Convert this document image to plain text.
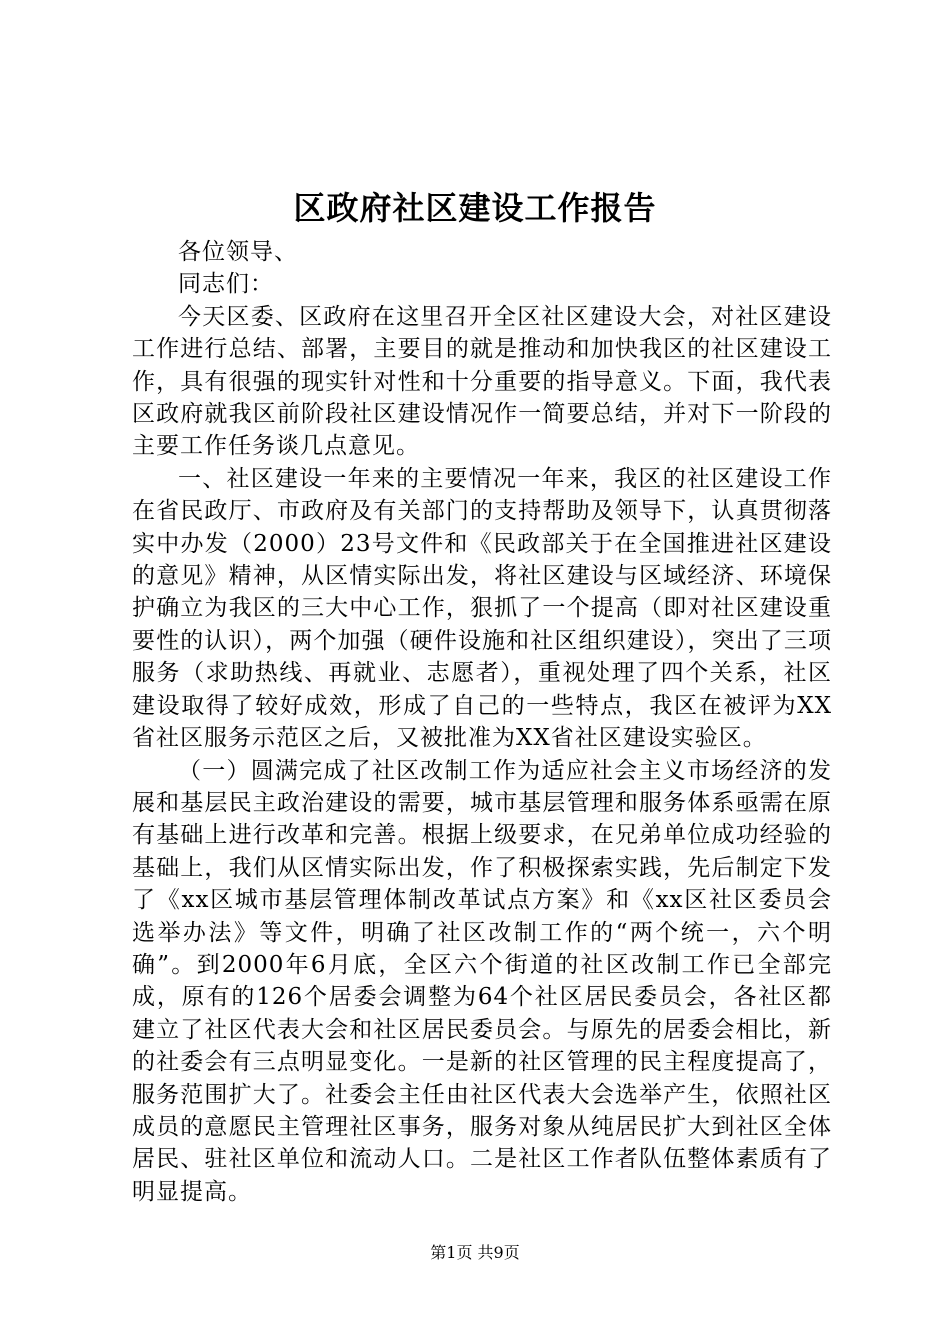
区政府社区建设工作报告

各位领导、

同志们：

今天区委、区政府在这里召开全区社区建设大会，对社区建设工作进行总结、部署，主要目的就是推动和加快我区的社区建设工作，具有很强的现实针对性和十分重要的指导意义。下面，我代表区政府就我区前阶段社区建设情况作一简要总结，并对下一阶段的主要工作任务谈几点意见。

一、社区建设一年来的主要情况一年来，我区的社区建设工作在省民政厅、市政府及有关部门的支持帮助及领导下，认真贯彻落实中办发（2000）23号文件和《民政部关于在全国推进社区建设的意见》精神，从区情实际出发，将社区建设与区域经济、环境保护确立为我区的三大中心工作，狠抓了一个提高（即对社区建设重要性的认识），两个加强（硬件设施和社区组织建设），突出了三项服务（求助热线、再就业、志愿者），重视处理了四个关系，社区建设取得了较好成效，形成了自己的一些特点，我区在被评为XX省社区服务示范区之后，又被批准为XX省社区建设实验区。

（一）圆满完成了社区改制工作为适应社会主义市场经济的发展和基层民主政治建设的需要，城市基层管理和服务体系亟需在原有基础上进行改革和完善。根据上级要求，在兄弟单位成功经验的基础上，我们从区情实际出发，作了积极探索实践，先后制定下发了《xx区城市基层管理体制改革试点方案》和《xx区社区委员会选举办法》等文件，明确了社区改制工作的“两个统一，六个明确”。到2000年6月底，全区六个街道的社区改制工作已全部完成，原有的126个居委会调整为64个社区居民委员会，各社区都建立了社区代表大会和社区居民委员会。与原先的居委会相比，新的社委会有三点明显变化。一是新的社区管理的民主程度提高了，服务范围扩大了。社委会主任由社区代表大会选举产生，依照社区成员的意愿民主管理社区事务，服务对象从纯居民扩大到社区全体居民、驻社区单位和流动人口。二是社区工作者队伍整体素质有了明显提高。

第1页 共9页
